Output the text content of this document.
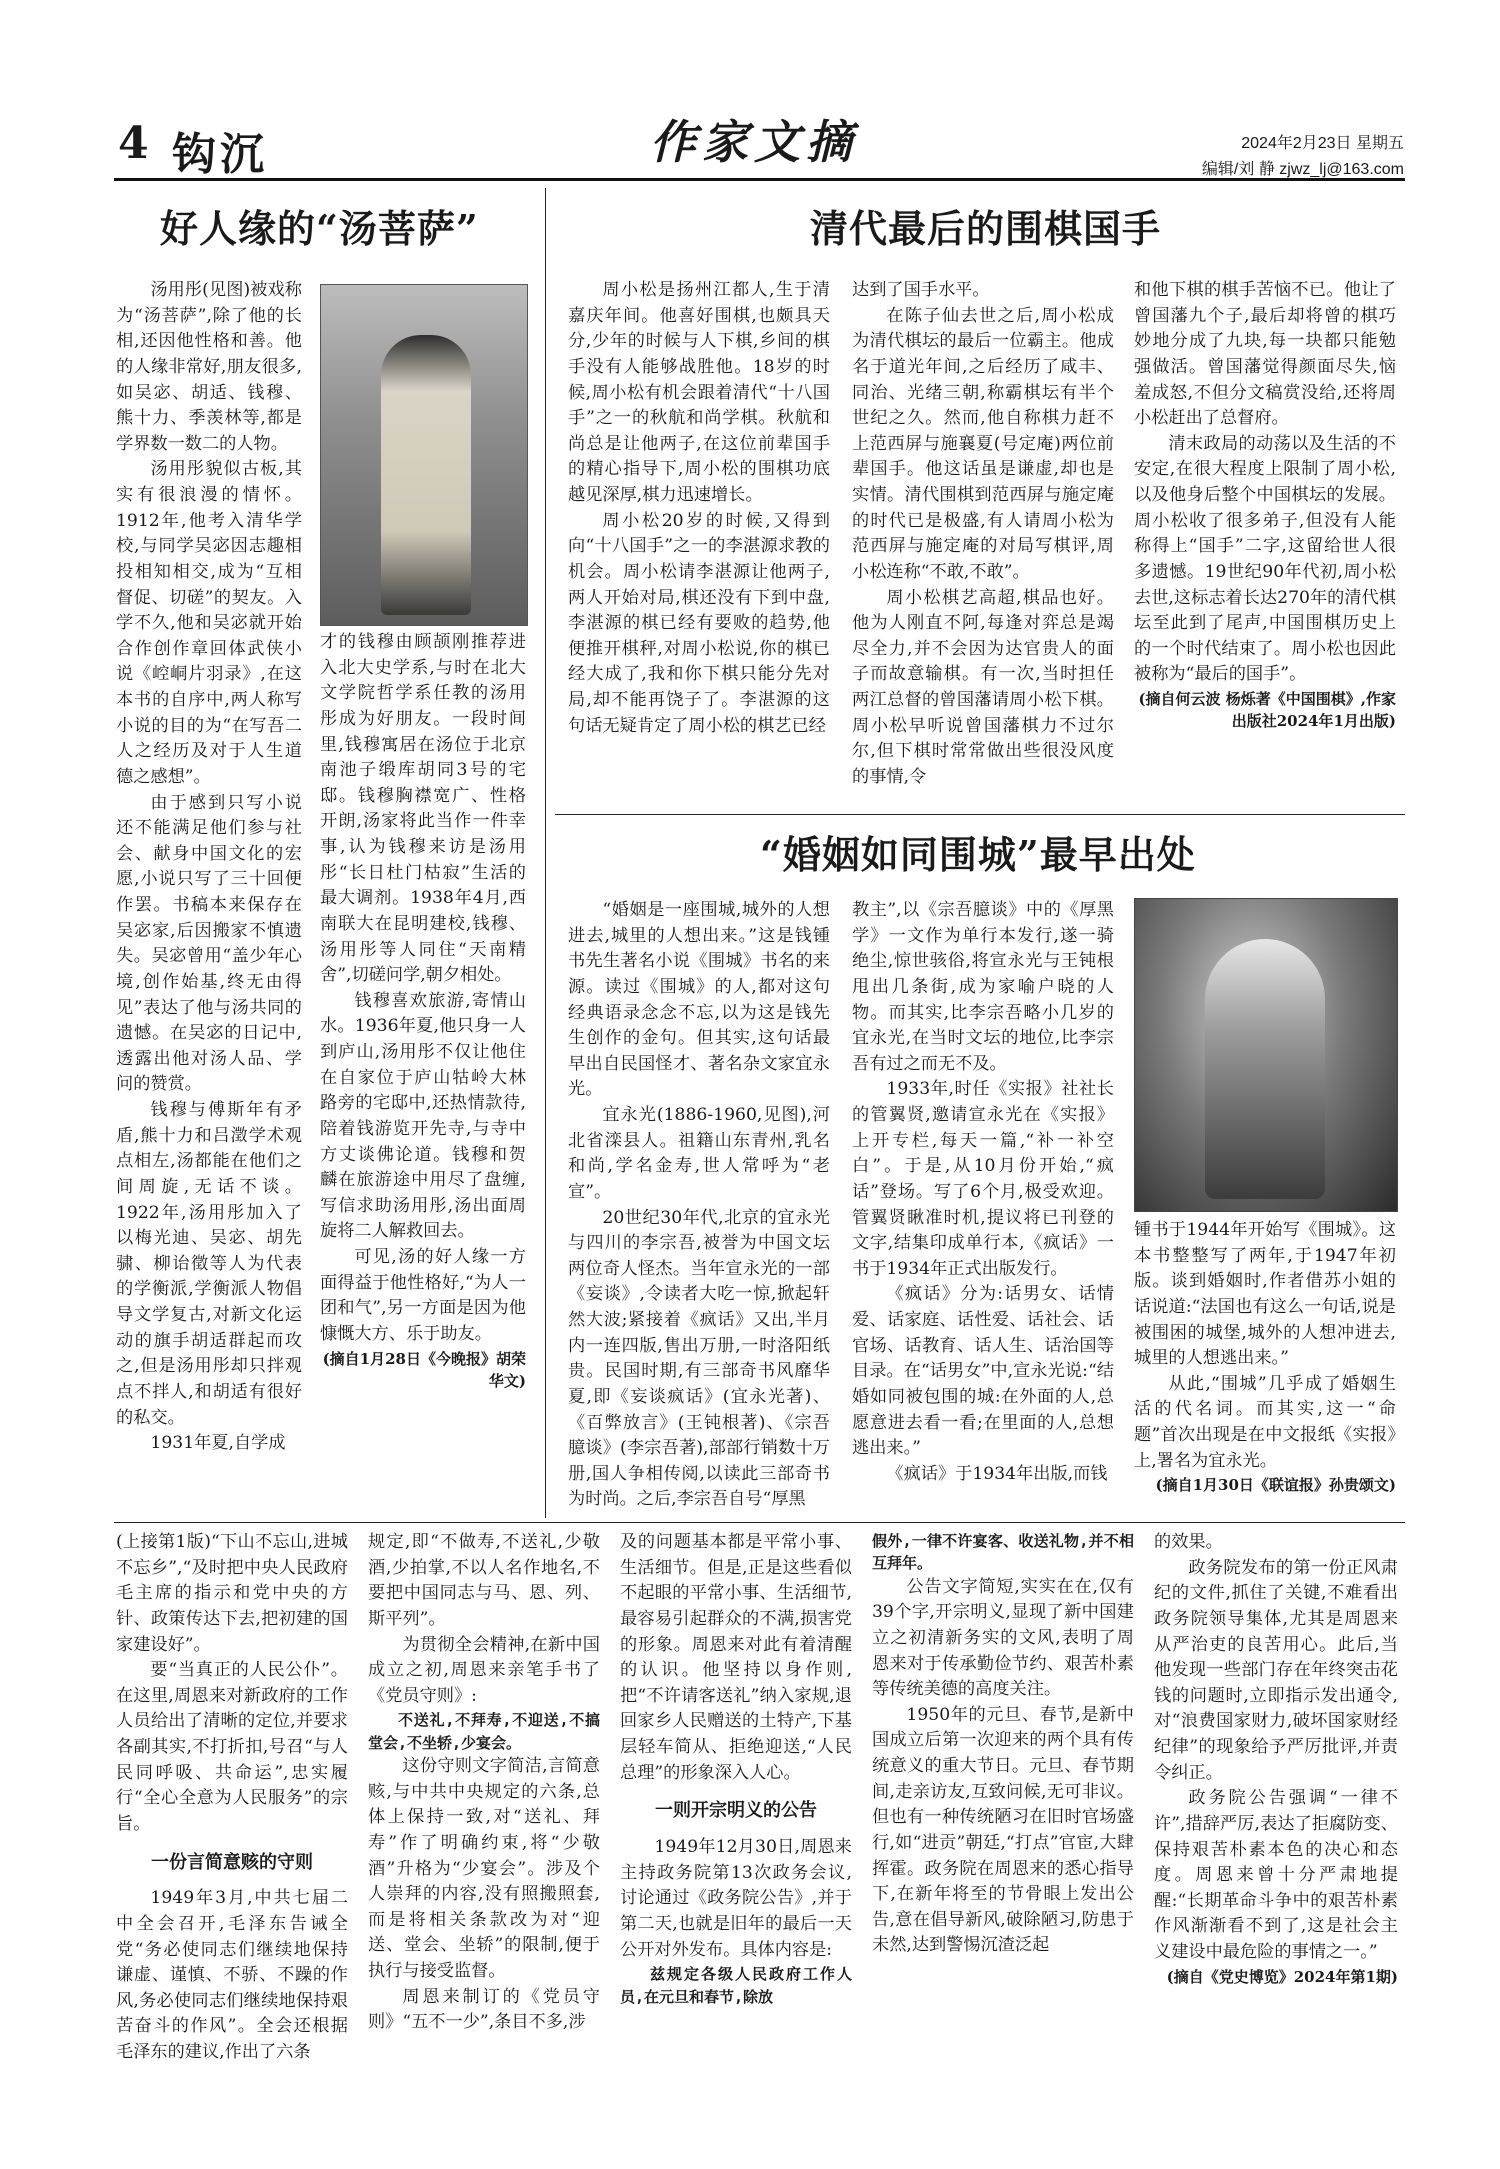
4 钩沉	作家文摘	2024年2月23日 星期五
编辑/刘 静 zjwz_lj@163.com
好人缘的“汤菩萨”

汤用彤(见图)被戏称为“汤菩萨”,除了他的长相,还因他性格和善。他的人缘非常好,朋友很多,如吴宓、胡适、钱穆、熊十力、季羡林等,都是学界数一数二的人物。

汤用彤貌似古板,其实有很浪漫的情怀。1912年,他考入清华学校,与同学吴宓因志趣相投相知相交,成为“互相督促、切磋”的契友。入学不久,他和吴宓就开始合作创作章回体武侠小说《崆峒片羽录》,在这本书的自序中,两人称写小说的目的为“在写吾二人之经历及对于人生道德之感想”。

由于感到只写小说还不能满足他们参与社会、献身中国文化的宏愿,小说只写了三十回便作罢。书稿本来保存在吴宓家,后因搬家不慎遗失。吴宓曾用“盖少年心境,创作始基,终无由得见”表达了他与汤共同的遗憾。在吴宓的日记中,透露出他对汤人品、学问的赞赏。

钱穆与傅斯年有矛盾,熊十力和吕澂学术观点相左,汤都能在他们之间周旋,无话不谈。1922年,汤用彤加入了以梅光迪、吴宓、胡先骕、柳诒徵等人为代表的学衡派,学衡派人物倡导文学复古,对新文化运动的旗手胡适群起而攻之,但是汤用彤却只拌观点不拌人,和胡适有很好的私交。

1931年夏,自学成

才的钱穆由顾颉刚推荐进入北大史学系,与时在北大文学院哲学系任教的汤用彤成为好朋友。一段时间里,钱穆寓居在汤位于北京南池子缎库胡同3号的宅邸。钱穆胸襟宽广、性格开朗,汤家将此当作一件幸事,认为钱穆来访是汤用彤“长日杜门枯寂”生活的最大调剂。1938年4月,西南联大在昆明建校,钱穆、汤用彤等人同住“天南精舍”,切磋问学,朝夕相处。

钱穆喜欢旅游,寄情山水。1936年夏,他只身一人到庐山,汤用彤不仅让他住在自家位于庐山牯岭大林路旁的宅邸中,还热情款待,陪着钱游览开先寺,与寺中方丈谈佛论道。钱穆和贺麟在旅游途中用尽了盘缠,写信求助汤用彤,汤出面周旋将二人解救回去。

可见,汤的好人缘一方面得益于他性格好,“为人一团和气”,另一方面是因为他慷慨大方、乐于助友。

(摘自1月28日《今晚报》胡荣华文)

清代最后的围棋国手

周小松是扬州江都人,生于清嘉庆年间。他喜好围棋,也颇具天分,少年的时候与人下棋,乡间的棋手没有人能够战胜他。18岁的时候,周小松有机会跟着清代“十八国手”之一的秋航和尚学棋。秋航和尚总是让他两子,在这位前辈国手的精心指导下,周小松的围棋功底越见深厚,棋力迅速增长。

周小松20岁的时候,又得到向“十八国手”之一的李湛源求教的机会。周小松请李湛源让他两子,两人开始对局,棋还没有下到中盘,李湛源的棋已经有要败的趋势,他便推开棋秤,对周小松说,你的棋已经大成了,我和你下棋只能分先对局,却不能再饶子了。李湛源的这句话无疑肯定了周小松的棋艺已经

达到了国手水平。

在陈子仙去世之后,周小松成为清代棋坛的最后一位霸主。他成名于道光年间,之后经历了咸丰、同治、光绪三朝,称霸棋坛有半个世纪之久。然而,他自称棋力赶不上范西屏与施襄夏(号定庵)两位前辈国手。他这话虽是谦虚,却也是实情。清代围棋到范西屏与施定庵的时代已是极盛,有人请周小松为范西屏与施定庵的对局写棋评,周小松连称“不敢,不敢”。

周小松棋艺高超,棋品也好。他为人刚直不阿,每逢对弈总是竭尽全力,并不会因为达官贵人的面子而故意输棋。有一次,当时担任两江总督的曾国藩请周小松下棋。周小松早听说曾国藩棋力不过尔尔,但下棋时常常做出些很没风度的事情,令

和他下棋的棋手苦恼不已。他让了曾国藩九个子,最后却将曾的棋巧妙地分成了九块,每一块都只能勉强做活。曾国藩觉得颜面尽失,恼羞成怒,不但分文稿赏没给,还将周小松赶出了总督府。

清末政局的动荡以及生活的不安定,在很大程度上限制了周小松,以及他身后整个中国棋坛的发展。周小松收了很多弟子,但没有人能称得上“国手”二字,这留给世人很多遗憾。19世纪90年代初,周小松去世,这标志着长达270年的清代棋坛至此到了尾声,中国围棋历史上的一个时代结束了。周小松也因此被称为“最后的国手”。

(摘自何云波 杨烁著《中国围棋》,作家出版社2024年1月出版)

“婚姻如同围城”最早出处

“婚姻是一座围城,城外的人想进去,城里的人想出来。”这是钱锺书先生著名小说《围城》书名的来源。读过《围城》的人,都对这句经典语录念念不忘,以为这是钱先生创作的金句。但其实,这句话最早出自民国怪才、著名杂文家宜永光。

宜永光(1886-1960,见图),河北省滦县人。祖籍山东青州,乳名和尚,学名金寿,世人常呼为“老宣”。

20世纪30年代,北京的宜永光与四川的李宗吾,被誉为中国文坛两位奇人怪杰。当年宣永光的一部《妄谈》,令读者大吃一惊,掀起轩然大波;紧接着《疯话》又出,半月内一连四版,售出万册,一时洛阳纸贵。民国时期,有三部奇书风靡华夏,即《妄谈疯话》(宜永光著)、《百弊放言》(王钝根著)、《宗吾臆谈》(李宗吾著),部部行销数十万册,国人争相传阅,以读此三部奇书为时尚。之后,李宗吾自号“厚黑

教主”,以《宗吾臆谈》中的《厚黑学》一文作为单行本发行,遂一骑绝尘,惊世骇俗,将宣永光与王钝根甩出几条街,成为家喻户晓的人物。而其实,比李宗吾略小几岁的宜永光,在当时文坛的地位,比李宗吾有过之而无不及。

1933年,时任《实报》社社长的管翼贤,邀请宣永光在《实报》上开专栏,每天一篇,“补一补空白”。于是,从10月份开始,“疯话”登场。写了6个月,极受欢迎。管翼贤瞅准时机,提议将已刊登的文字,结集印成单行本,《疯话》一书于1934年正式出版发行。

《疯话》分为:话男女、话情爱、话家庭、话性爱、话社会、话官场、话教育、话人生、话治国等目录。在“话男女”中,宣永光说:“结婚如同被包围的城:在外面的人,总愿意进去看一看;在里面的人,总想逃出来。”

《疯话》于1934年出版,而钱

锺书于1944年开始写《围城》。这本书整整写了两年,于1947年初版。谈到婚姻时,作者借苏小姐的话说道:“法国也有这么一句话,说是被围困的城堡,城外的人想冲进去,城里的人想逃出来。”

从此,“围城”几乎成了婚姻生活的代名词。而其实,这一“命题”首次出现是在中文报纸《实报》上,署名为宜永光。

(摘自1月30日《联谊报》孙贵颂文)

(上接第1版)“下山不忘山,进城不忘乡”,“及时把中央人民政府毛主席的指示和党中央的方针、政策传达下去,把初建的国家建设好”。

要“当真正的人民公仆”。在这里,周恩来对新政府的工作人员给出了清晰的定位,并要求各副其实,不打折扣,号召“与人民同呼吸、共命运”,忠实履行“全心全意为人民服务”的宗旨。

一份言简意赅的守则

1949年3月,中共七届二中全会召开,毛泽东告诫全党“务必使同志们继续地保持谦虚、谨慎、不骄、不躁的作风,务必使同志们继续地保持艰苦奋斗的作风”。全会还根据毛泽东的建议,作出了六条

规定,即“不做寿,不送礼,少敬酒,少拍掌,不以人名作地名,不要把中国同志与马、恩、列、斯平列”。

为贯彻全会精神,在新中国成立之初,周恩来亲笔手书了《党员守则》:

不送礼,不拜寿,不迎送,不搞堂会,不坐轿,少宴会。

这份守则文字简洁,言简意赅,与中共中央规定的六条,总体上保持一致,对“送礼、拜寿”作了明确约束,将“少敬酒”升格为“少宴会”。涉及个人崇拜的内容,没有照搬照套,而是将相关条款改为对“迎送、堂会、坐轿”的限制,便于执行与接受监督。

周恩来制订的《党员守则》“五不一少”,条目不多,涉

及的问题基本都是平常小事、生活细节。但是,正是这些看似不起眼的平常小事、生活细节,最容易引起群众的不满,损害党的形象。周恩来对此有着清醒的认识。他坚持以身作则,把“不许请客送礼”纳入家规,退回家乡人民赠送的土特产,下基层轻车简从、拒绝迎送,“人民总理”的形象深入人心。

一则开宗明义的公告

1949年12月30日,周恩来主持政务院第13次政务会议,讨论通过《政务院公告》,并于第二天,也就是旧年的最后一天公开对外发布。具体内容是:

兹规定各级人民政府工作人员,在元旦和春节,除放

假外,一律不许宴客、收送礼物,并不相互拜年。

公告文字简短,实实在在,仅有39个字,开宗明义,显现了新中国建立之初清新务实的文风,表明了周恩来对于传承勤俭节约、艰苦朴素等传统美德的高度关注。

1950年的元旦、春节,是新中国成立后第一次迎来的两个具有传统意义的重大节日。元旦、春节期间,走亲访友,互致问候,无可非议。但也有一种传统陋习在旧时官场盛行,如“进贡”朝廷,“打点”官宦,大肆挥霍。政务院在周恩来的悉心指导下,在新年将至的节骨眼上发出公告,意在倡导新风,破除陋习,防患于未然,达到警惕沉渣泛起

的效果。

政务院发布的第一份正风肃纪的文件,抓住了关键,不难看出政务院领导集体,尤其是周恩来从严治吏的良苦用心。此后,当他发现一些部门存在年终突击花钱的问题时,立即指示发出通令,对“浪费国家财力,破坏国家财经纪律”的现象给予严厉批评,并责令纠正。

政务院公告强调“一律不许”,措辞严厉,表达了拒腐防变、保持艰苦朴素本色的决心和态度。周恩来曾十分严肃地提醒:“长期革命斗争中的艰苦朴素作风渐渐看不到了,这是社会主义建设中最危险的事情之一。”

(摘自《党史博览》2024年第1期)
